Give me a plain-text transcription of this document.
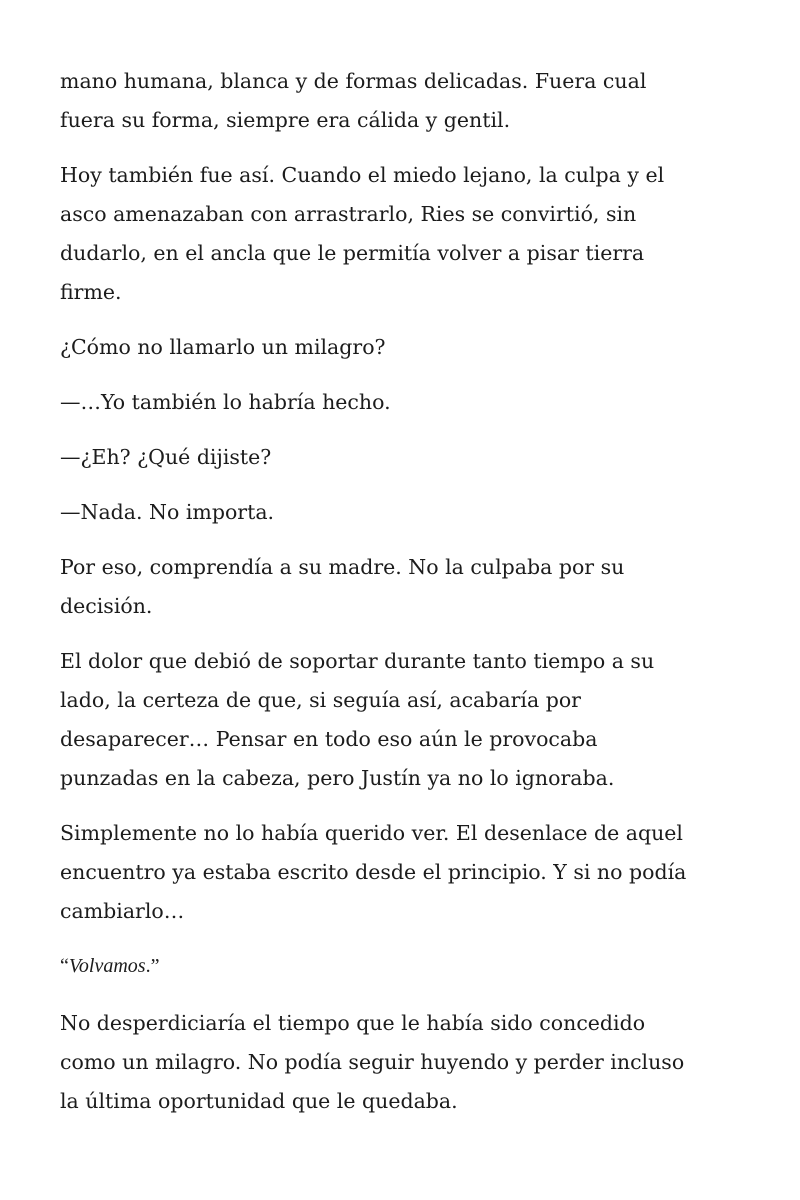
mano humana, blanca y de formas delicadas. Fuera cual
fuera su forma, siempre era cálida y gentil.

Hoy también fue así. Cuando el miedo lejano, la culpa y el
asco amenazaban con arrastrarlo, Ries se convirtió, sin
dudarlo, en el ancla que le permitía volver a pisar tierra
firme.

¿Cómo no llamarlo un milagro?

—…Yo también lo habría hecho.

—¿Eh? ¿Qué dijiste?

—Nada. No importa.

Por eso, comprendía a su madre. No la culpaba por su
decisión.

El dolor que debió de soportar durante tanto tiempo a su
lado, la certeza de que, si seguía así, acabaría por
desaparecer… Pensar en todo eso aún le provocaba
punzadas en la cabeza, pero Justín ya no lo ignoraba.

Simplemente no lo había querido ver. El desenlace de aquel
encuentro ya estaba escrito desde el principio. Y si no podía
cambiarlo…

“Volvamos.”

No desperdiciaría el tiempo que le había sido concedido
como un milagro. No podía seguir huyendo y perder incluso
la última oportunidad que le quedaba.
